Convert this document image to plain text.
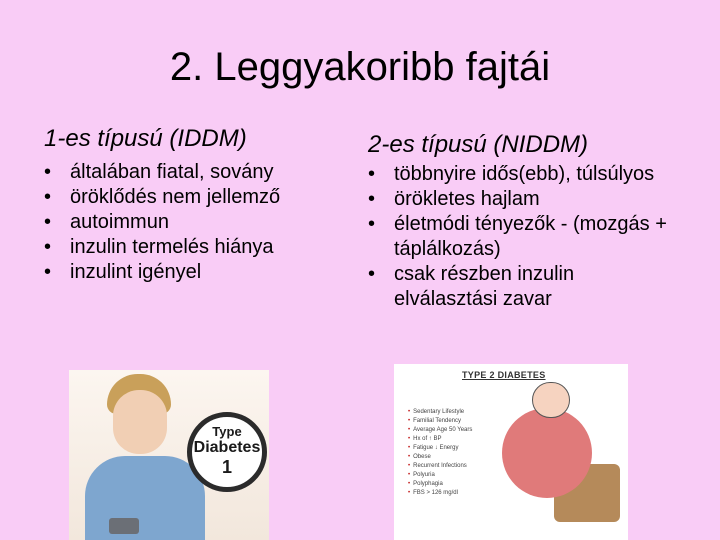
2. Leggyakoribb fajtái
1-es típusú (IDDM)
• általában fiatal, sovány
• öröklődés nem jellemző
• autoimmun
• inzulin termelés hiánya
• inzulint igényel
2-es típusú (NIDDM)
• többnyire idős(ebb), túlsúlyos
• örökletes hajlam
• életmódi tényezők - (mozgás + táplálkozás)
• csak részben inzulin elválasztási zavar
Type
Diabetes
1
TYPE 2 DIABETES
• Sedentary Lifestyle
• Familial Tendency
• Average Age 50 Years
• Hx of ↑ BP
• Fatigue ↓ Energy
• Obese
• Recurrent Infections
• Polyuria
• Polyphagia
• FBS > 126 mg/dl
